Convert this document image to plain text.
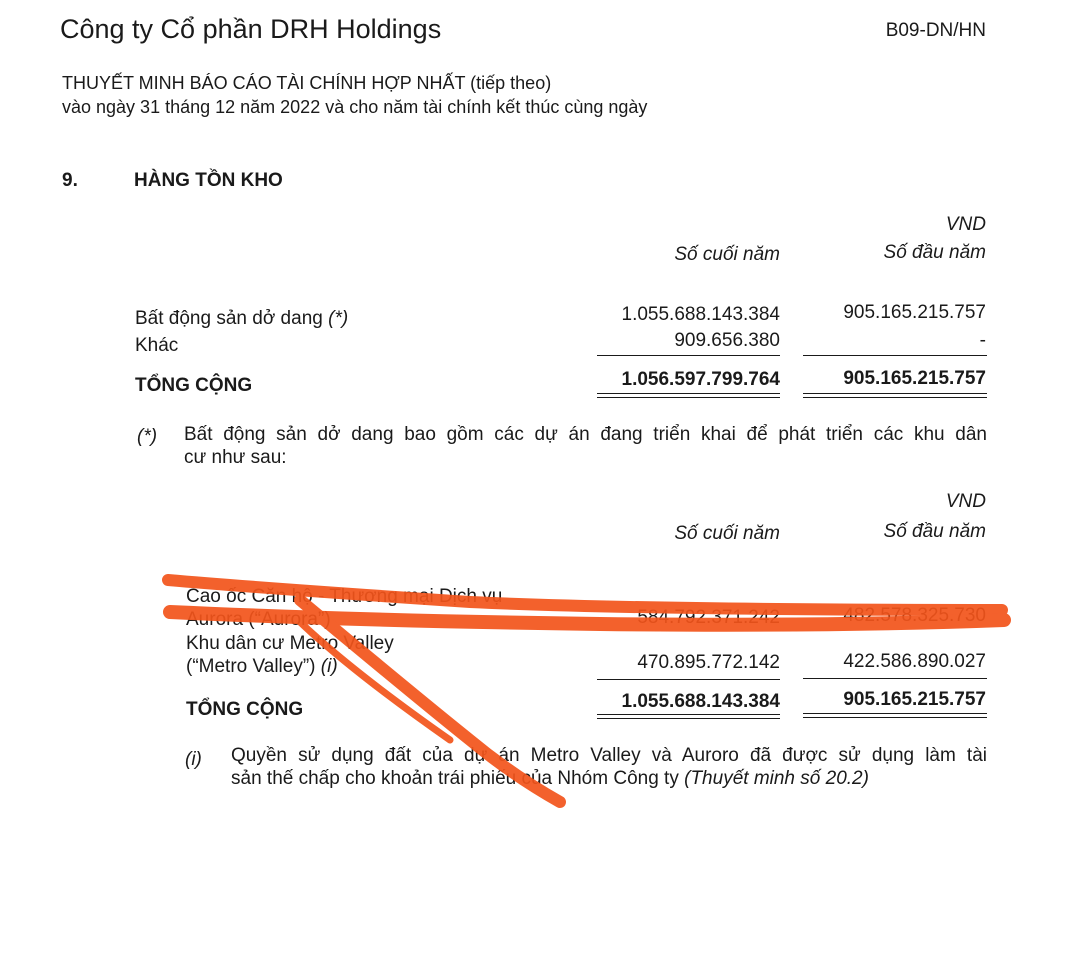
Công ty Cổ phần DRH Holdings	B09-DN/HN
THUYẾT MINH BÁO CÁO TÀI CHÍNH HỢP NHẤT (tiếp theo)
vào ngày 31 tháng 12 năm 2022 và cho năm tài chính kết thúc cùng ngày
9.	HÀNG TỒN KHO
VND
Số cuối năm	Số đầu năm
Bất động sản dở dang (*)	1.055.688.143.384	905.165.215.757
Khác	909.656.380	-
TỔNG CỘNG	1.056.597.799.764	905.165.215.757
(*) Bất động sản dở dang bao gồm các dự án đang triển khai để phát triển các khu dân
cư như sau:
VND
Số cuối năm	Số đầu năm
Cao ốc Căn hộ - Thương mại Dịch vụ
Aurora (“Aurora”)	584.792.371.242	482.578.325.730
Khu dân cư Metro Valley
(“Metro Valley”) (i)	470.895.772.142	422.586.890.027
TỔNG CỘNG	1.055.688.143.384	905.165.215.757
(i) Quyền sử dụng đất của dự án Metro Valley và Auroro đã được sử dụng làm tài
sản thế chấp cho khoản trái phiếu của Nhóm Công ty (Thuyết minh số 20.2)
